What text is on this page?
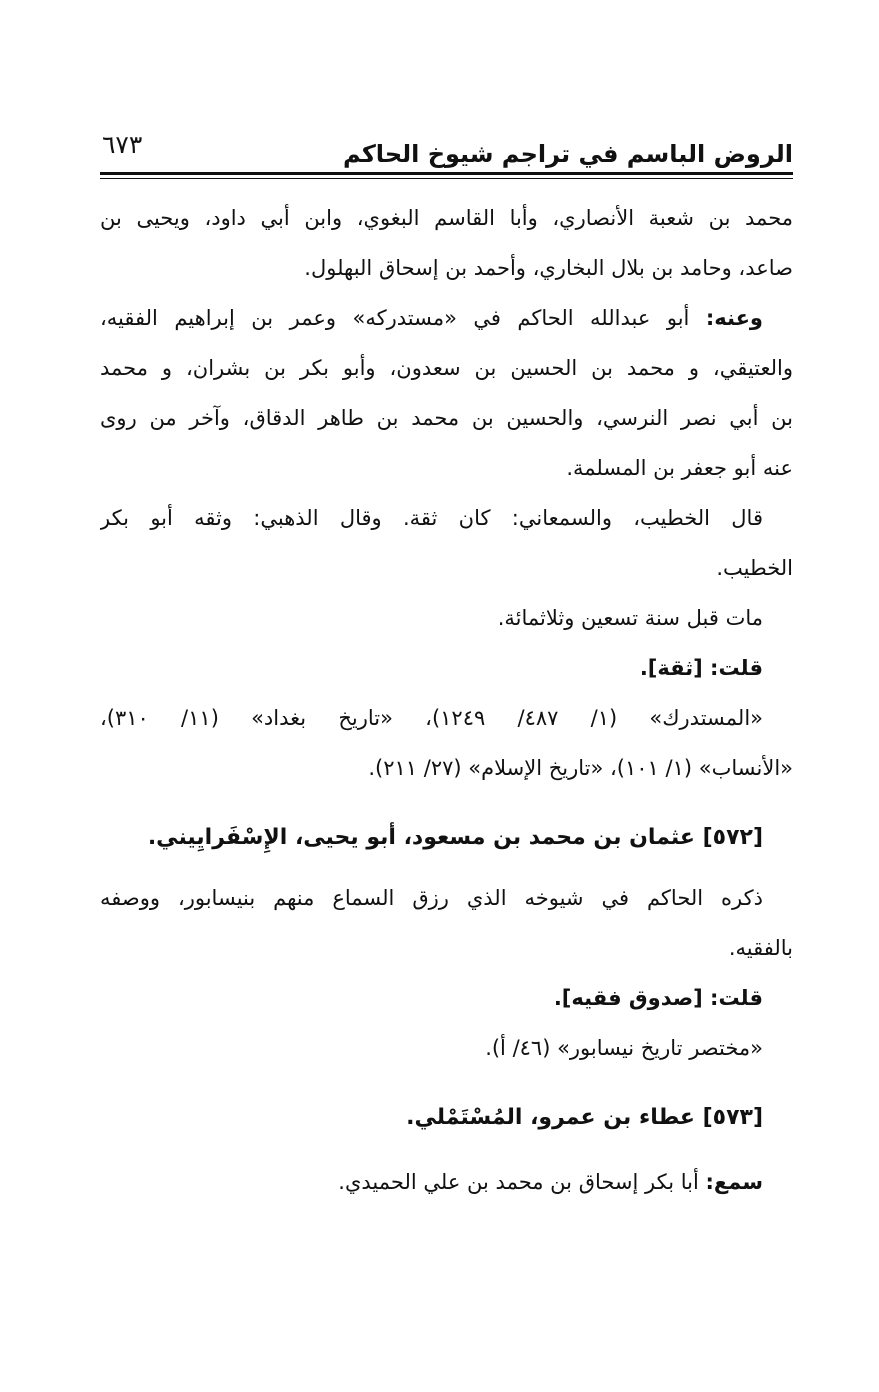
الروض الباسم في تراجم شيوخ الحاكم
٦٧٣
محمد بن شعبة الأنصاري، وأبا القاسم البغوي، وابن أبي داود، ويحيى بن
صاعد، وحامد بن بلال البخاري، وأحمد بن إسحاق البهلول.
وعنه: أبو عبدالله الحاكم في «مستدركه» وعمر بن إبراهيم الفقيه،
والعتيقي، و محمد بن الحسين بن سعدون، وأبو بكر بن بشران، و محمد
بن أبي نصر النرسي، والحسين بن محمد بن طاهر الدقاق، وآخر من روى
عنه أبو جعفر بن المسلمة.
قال الخطيب، والسمعاني: كان ثقة. وقال الذهبي: وثقه أبو بكر
الخطيب.
مات قبل سنة تسعين وثلاثمائة.
قلت: [ثقة].
«المستدرك» (١/ ٤٨٧/ ١٢٤٩)، «تاريخ بغداد» (١١/ ٣١٠)،
«الأنساب» (١/ ١٠١)، «تاريخ الإسلام» (٢٧/ ٢١١).
[٥٧٢] عثمان بن محمد بن مسعود، أبو يحيى، الإِسْفَرايِيني.
ذكره الحاكم في شيوخه الذي رزق السماع منهم بنيسابور، ووصفه
بالفقيه.
قلت: [صدوق فقيه].
«مختصر تاريخ نيسابور» (٤٦/ أ).
[٥٧٣] عطاء بن عمرو، المُسْتَمْلي.
سمع: أبا بكر إسحاق بن محمد بن علي الحميدي.
